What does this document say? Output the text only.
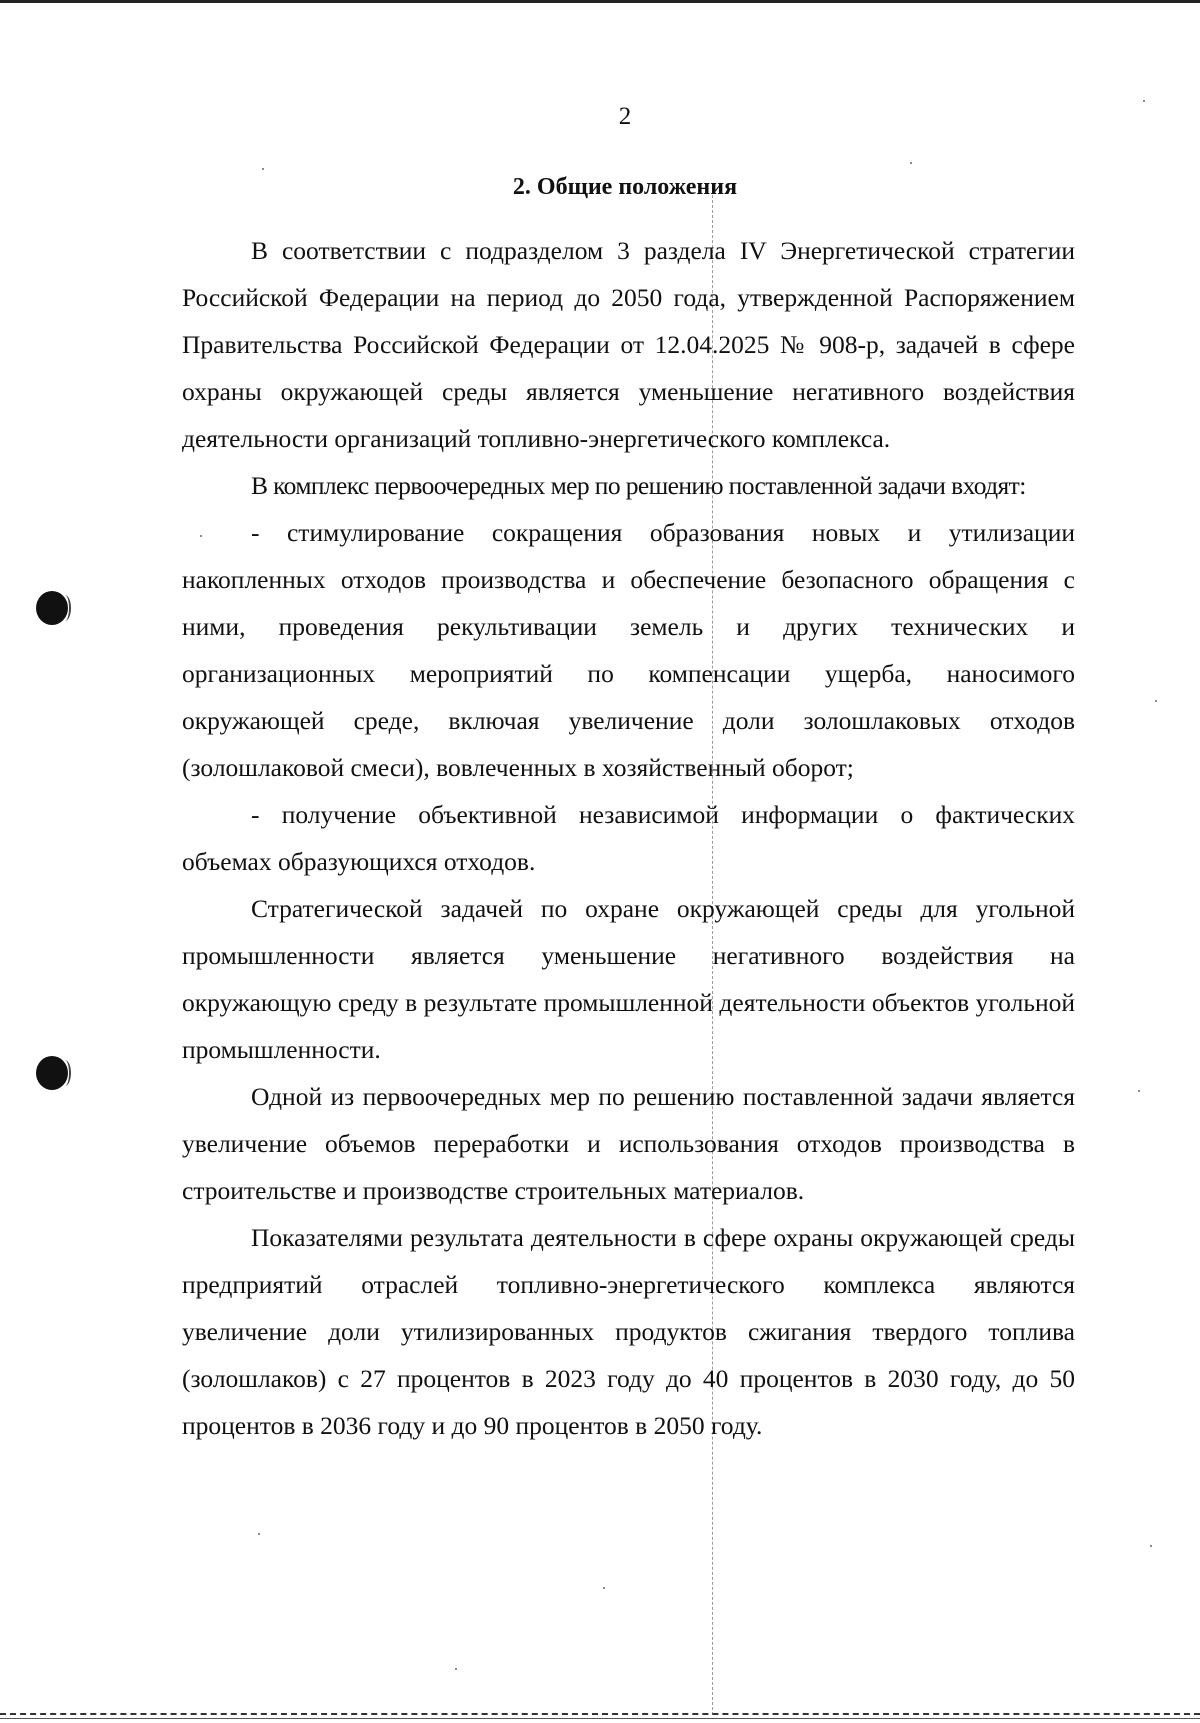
2
2. Общие положения

В соответствии с подразделом 3 раздела IV Энергетической стратегии Российской Федерации на период до 2050 года, утвержденной Распоряжением Правительства Российской Федерации от 12.04.2025 № 908-р, задачей в сфере охраны окружающей среды является уменьшение негативного воздействия деятельности организаций топливно-энергетического комплекса.

В комплекс первоочередных мер по решению поставленной задачи входят:

- стимулирование сокращения образования новых и утилизации накопленных отходов производства и обеспечение безопасного обращения с ними, проведения рекультивации земель и других технических и организационных мероприятий по компенсации ущерба, наносимого окружающей среде, включая увеличение доли золошлаковых отходов (золошлаковой смеси), вовлеченных в хозяйственный оборот;

- получение объективной независимой информации о фактических объемах образующихся отходов.

Стратегической задачей по охране окружающей среды для угольной промышленности является уменьшение негативного воздействия на окружающую среду в результате промышленной деятельности объектов угольной промышленности.

Одной из первоочередных мер по решению поставленной задачи является увеличение объемов переработки и использования отходов производства в строительстве и производстве строительных материалов.

Показателями результата деятельности в сфере охраны окружающей среды предприятий отраслей топливно-энергетического комплекса являются увеличение доли утилизированных продуктов сжигания твердого топлива (золошлаков) с 27 процентов в 2023 году до 40 процентов в 2030 году, до 50 процентов в 2036 году и до 90 процентов в 2050 году.
